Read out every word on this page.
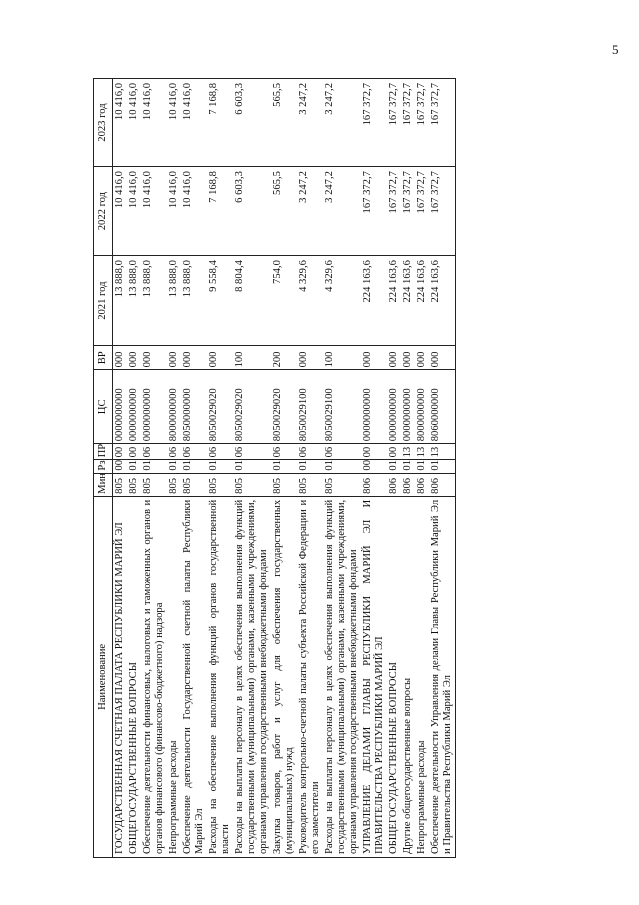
5
Наименование	Мин	Рз	ПР	ЦС	ВР	2021 год	2022 год	2023 год
ГОСУДАРСТВЕННАЯ СЧЕТНАЯ ПАЛАТА РЕСПУБЛИКИ МАРИЙ ЭЛ	805	00	00	0000000000	000	13 888,0	10 416,0	10 416,0
ОБЩЕГОСУДАРСТВЕННЫЕ ВОПРОСЫ	805	01	00	0000000000	000	13 888,0	10 416,0	10 416,0
Обеспечение деятельности финансовых, налоговых и таможенных органов и органов финансового (финансово-бюджетного) надзора	805	01	06	0000000000	000	13 888,0	10 416,0	10 416,0
Непрограммные расходы	805	01	06	8000000000	000	13 888,0	10 416,0	10 416,0
Обеспечение деятельности Государственной счетной палаты Республики Марий Эл	805	01	06	8050000000	000	13 888,0	10 416,0	10 416,0
Расходы на обеспечение выполнения функций органов государственной власти	805	01	06	8050029020	000	9 558,4	7 168,8	7 168,8
Расходы на выплаты персоналу в целях обеспечения выполнения функций государственными (муниципальными) органами, казенными учреждениями, органами управления государственными внебюджетными фондами	805	01	06	8050029020	100	8 804,4	6 603,3	6 603,3
Закупка товаров, работ и услуг для обеспечения государственных (муниципальных) нужд	805	01	06	8050029020	200	754,0	565,5	565,5
Руководитель контрольно-счетной палаты субъекта Российской Федерации и его заместители	805	01	06	8050029100	000	4 329,6	3 247,2	3 247,2
Расходы на выплаты персоналу в целях обеспечения выполнения функций государственными (муниципальными) органами, казенными учреждениями, органами управления государственными внебюджетными фондами	805	01	06	8050029100	100	4 329,6	3 247,2	3 247,2
УПРАВЛЕНИЕ ДЕЛАМИ ГЛАВЫ РЕСПУБЛИКИ МАРИЙ ЭЛ И ПРАВИТЕЛЬСТВА РЕСПУБЛИКИ МАРИЙ ЭЛ	806	00	00	0000000000	000	224 163,6	167 372,7	167 372,7
ОБЩЕГОСУДАРСТВЕННЫЕ ВОПРОСЫ	806	01	00	0000000000	000	224 163,6	167 372,7	167 372,7
Другие общегосударственные вопросы	806	01	13	0000000000	000	224 163,6	167 372,7	167 372,7
Непрограммные расходы	806	01	13	8000000000	000	224 163,6	167 372,7	167 372,7
Обеспечение деятельности Управления делами Главы Республики Марий Эл и Правительства Республики Марий Эл	806	01	13	8060000000	000	224 163,6	167 372,7	167 372,7
